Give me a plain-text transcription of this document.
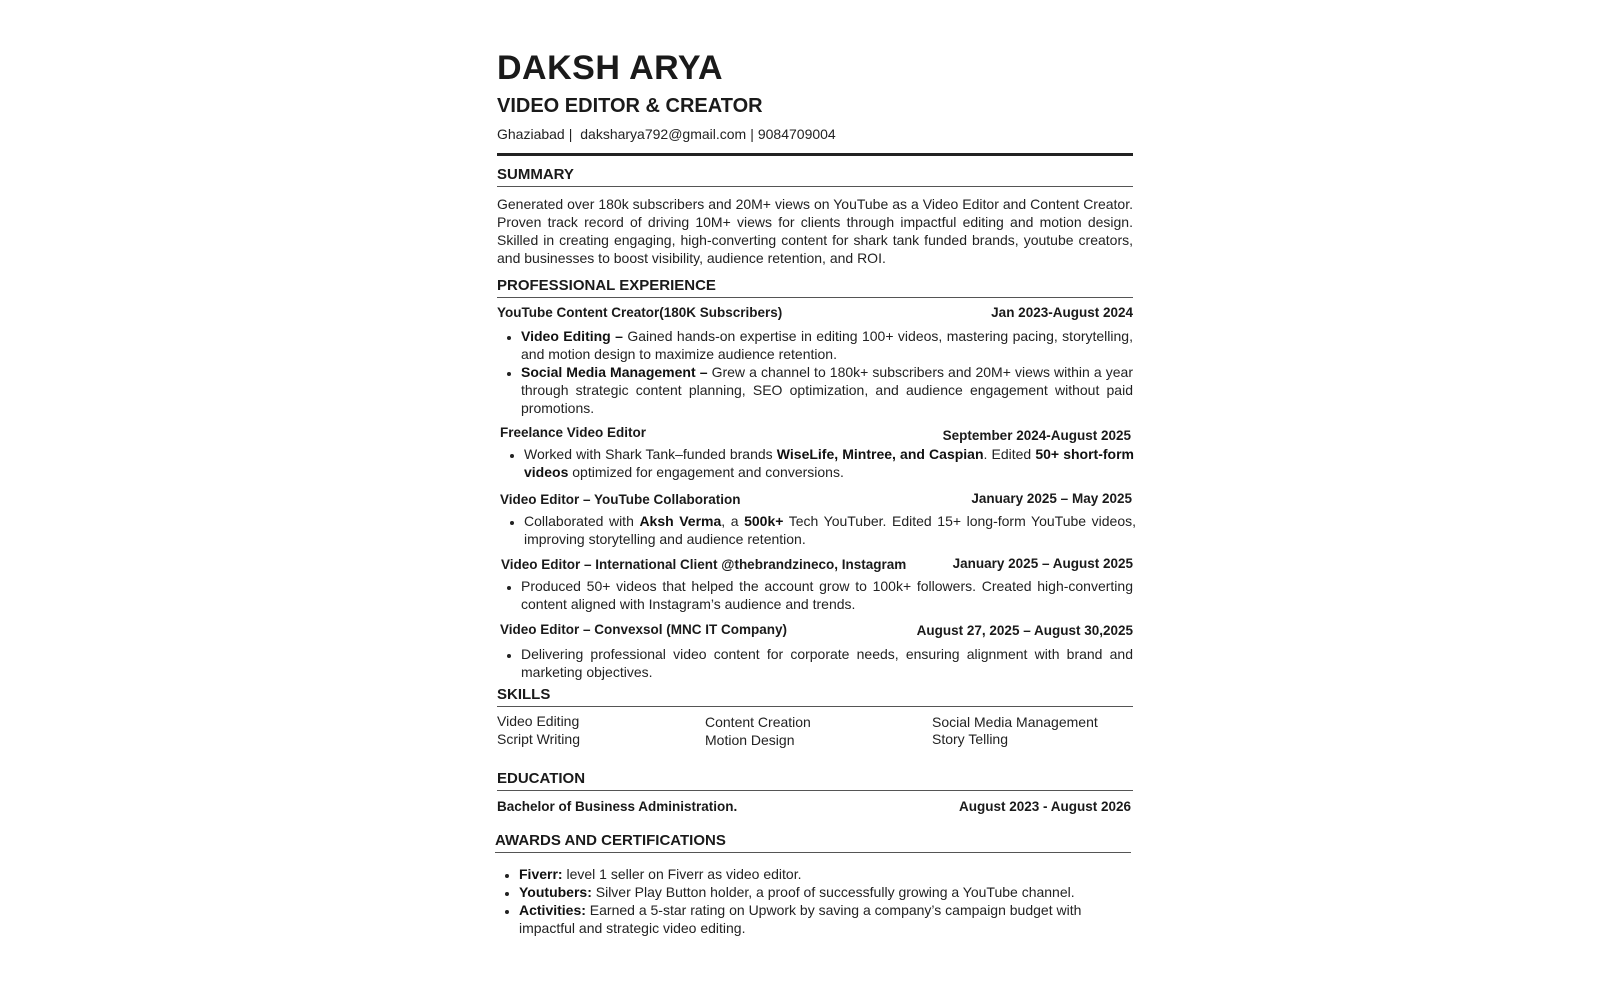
DAKSH ARYA
VIDEO EDITOR & CREATOR
Ghaziabad | daksharya792@gmail.com | 9084709004
SUMMARY
Generated over 180k subscribers and 20M+ views on YouTube as a Video Editor and Content Creator. Proven track record of driving 10M+ views for clients through impactful editing and motion design. Skilled in creating engaging, high-converting content for shark tank funded brands, youtube creators, and businesses to boost visibility, audience retention, and ROI.
PROFESSIONAL EXPERIENCE
YouTube Content Creator(180K Subscribers)	Jan 2023-August 2024
• Video Editing – Gained hands-on expertise in editing 100+ videos, mastering pacing, storytelling, and motion design to maximize audience retention.
• Social Media Management – Grew a channel to 180k+ subscribers and 20M+ views within a year through strategic content planning, SEO optimization, and audience engagement without paid promotions.
Freelance Video Editor	September 2024-August 2025
• Worked with Shark Tank–funded brands WiseLife, Mintree, and Caspian. Edited 50+ short-form videos optimized for engagement and conversions.
Video Editor – YouTube Collaboration	January 2025 – May 2025
• Collaborated with Aksh Verma, a 500k+ Tech YouTuber. Edited 15+ long-form YouTube videos, improving storytelling and audience retention.
Video Editor – International Client @thebrandzineco, Instagram	January 2025 – August 2025
• Produced 50+ videos that helped the account grow to 100k+ followers. Created high-converting content aligned with Instagram’s audience and trends.
Video Editor – Convexsol (MNC IT Company)	August 27, 2025 – August 30,2025
• Delivering professional video content for corporate needs, ensuring alignment with brand and marketing objectives.
SKILLS
Video Editing	Content Creation	Social Media Management
Script Writing	Motion Design	Story Telling
EDUCATION
Bachelor of Business Administration.	August 2023 - August 2026
AWARDS AND CERTIFICATIONS
• Fiverr: level 1 seller on Fiverr as video editor.
• Youtubers: Silver Play Button holder, a proof of successfully growing a YouTube channel.
• Activities: Earned a 5-star rating on Upwork by saving a company’s campaign budget with impactful and strategic video editing.
